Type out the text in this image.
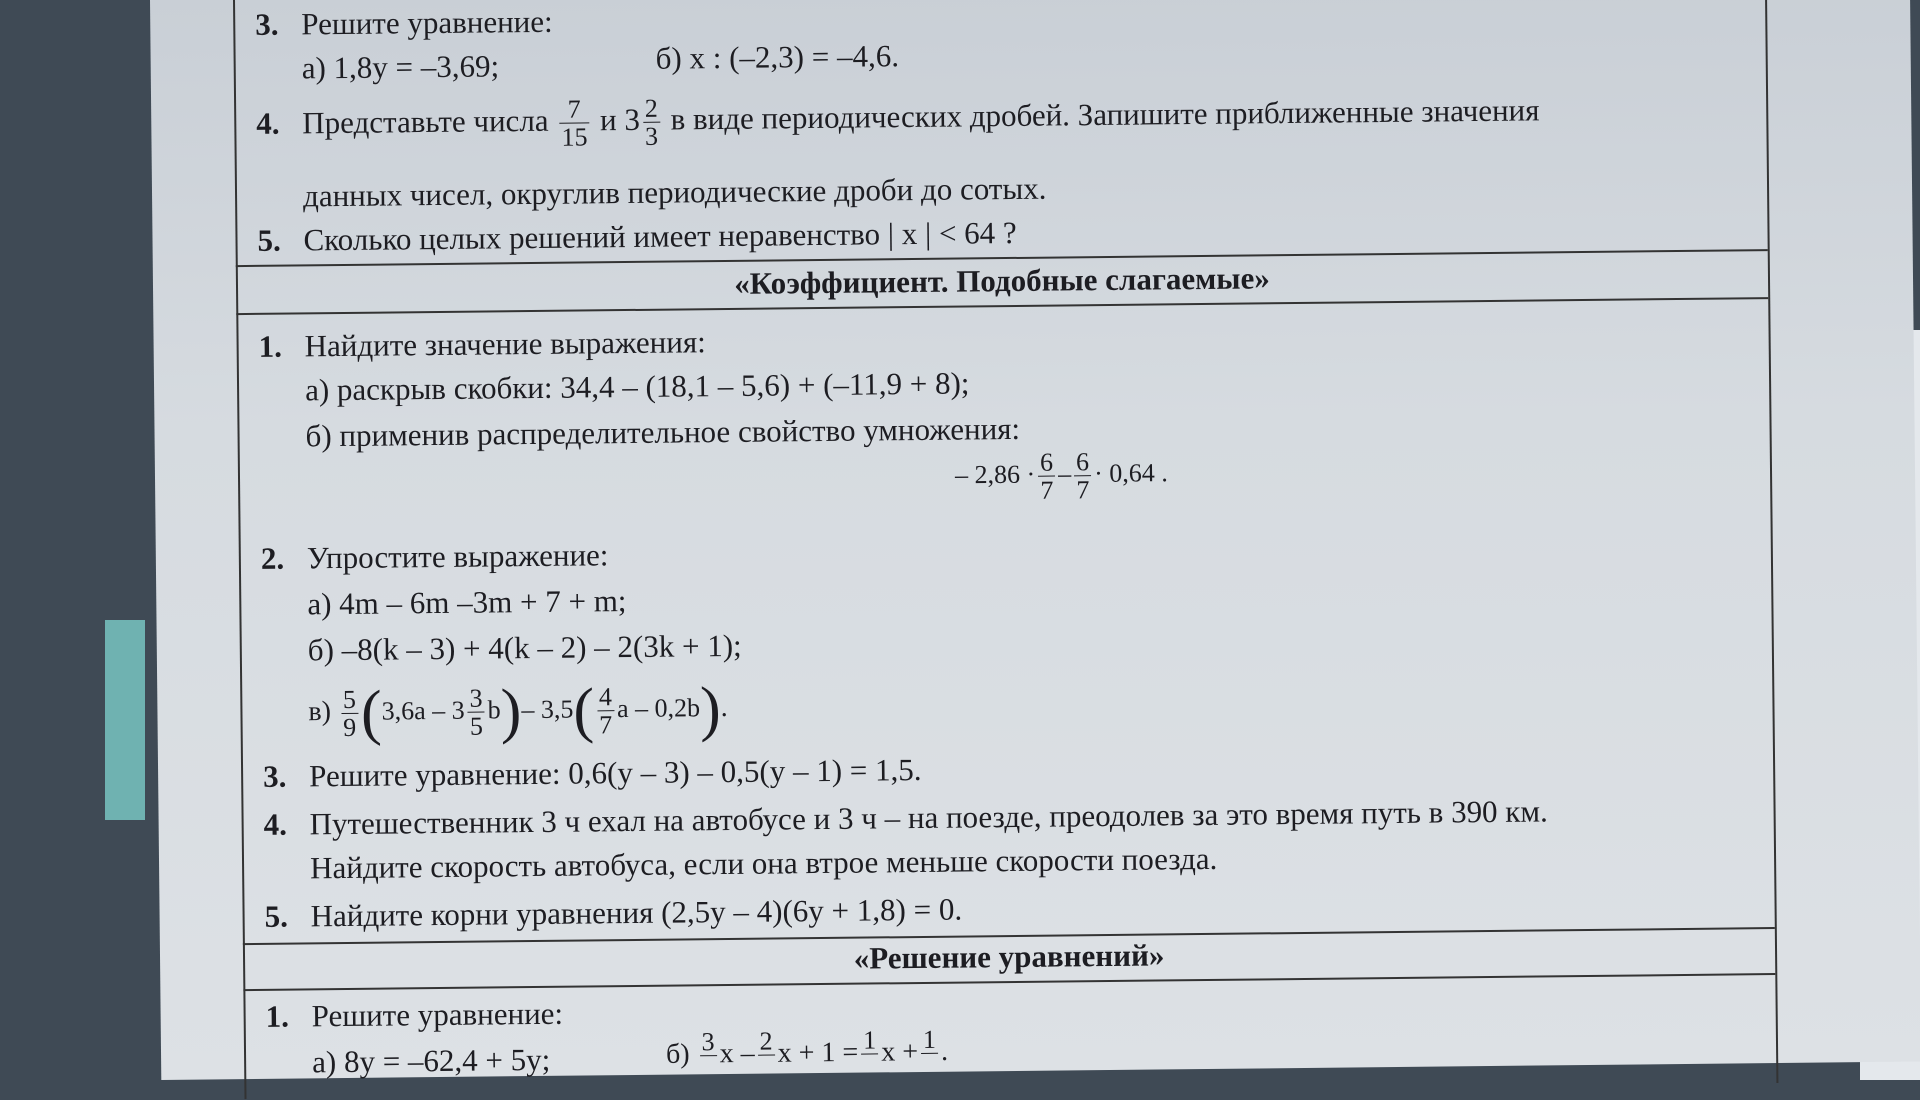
3. Решите уравнение:
а) 1,8y = –3,69;	б) x : (–2,3) = –4,6.
4. Представьте числа $\frac{7}{15}$ и $3 \frac{2}{3}$ в виде периодических дробей. Запишите приближенные значения
данных чисел, округлив периодические дроби до сотых.
5. Сколько целых решений имеет неравенство | x | < 64 ?
«Коэффициент. Подобные слагаемые»
1. Найдите значение выражения:
а) раскрыв скобки: 34,4 – (18,1 – 5,6) + (–11,9 + 8);
б) применив распределительное свойство умножения:
– $2,86 \cdot \frac{6}{7} - \frac{6}{7} \cdot 0,64$ .
2. Упростите выражение:
а) 4m – 6m –3m + 7 + m;
б) –8(k – 3) + 4(k – 2) – 2(3k + 1);
$в) \frac{5}{9} (3,6a - 3 \frac{3}{5} b)-$ $3,5( \frac{4}{7}$ a – 0,2b).
3. Решите уравнение: 0,6(y – 3) – 0,5(y – 1) = 1,5.
4. Путешественник 3 ч ехал на автобусе и 3 ч – на поезде, преодолев за это время путь в 390 км.
Найдите скорость автобуса, если она втрое меньше скорости поезда.
5. Найдите корни уравнения (2,5y – 4)(6y + 1,8) = 0.
«Решение уравнений»
1. Решите уравнение:
а) 8y = –62,4 + 5y;	б) 3
x – 2
x + 1 = 1
x + 1
.
